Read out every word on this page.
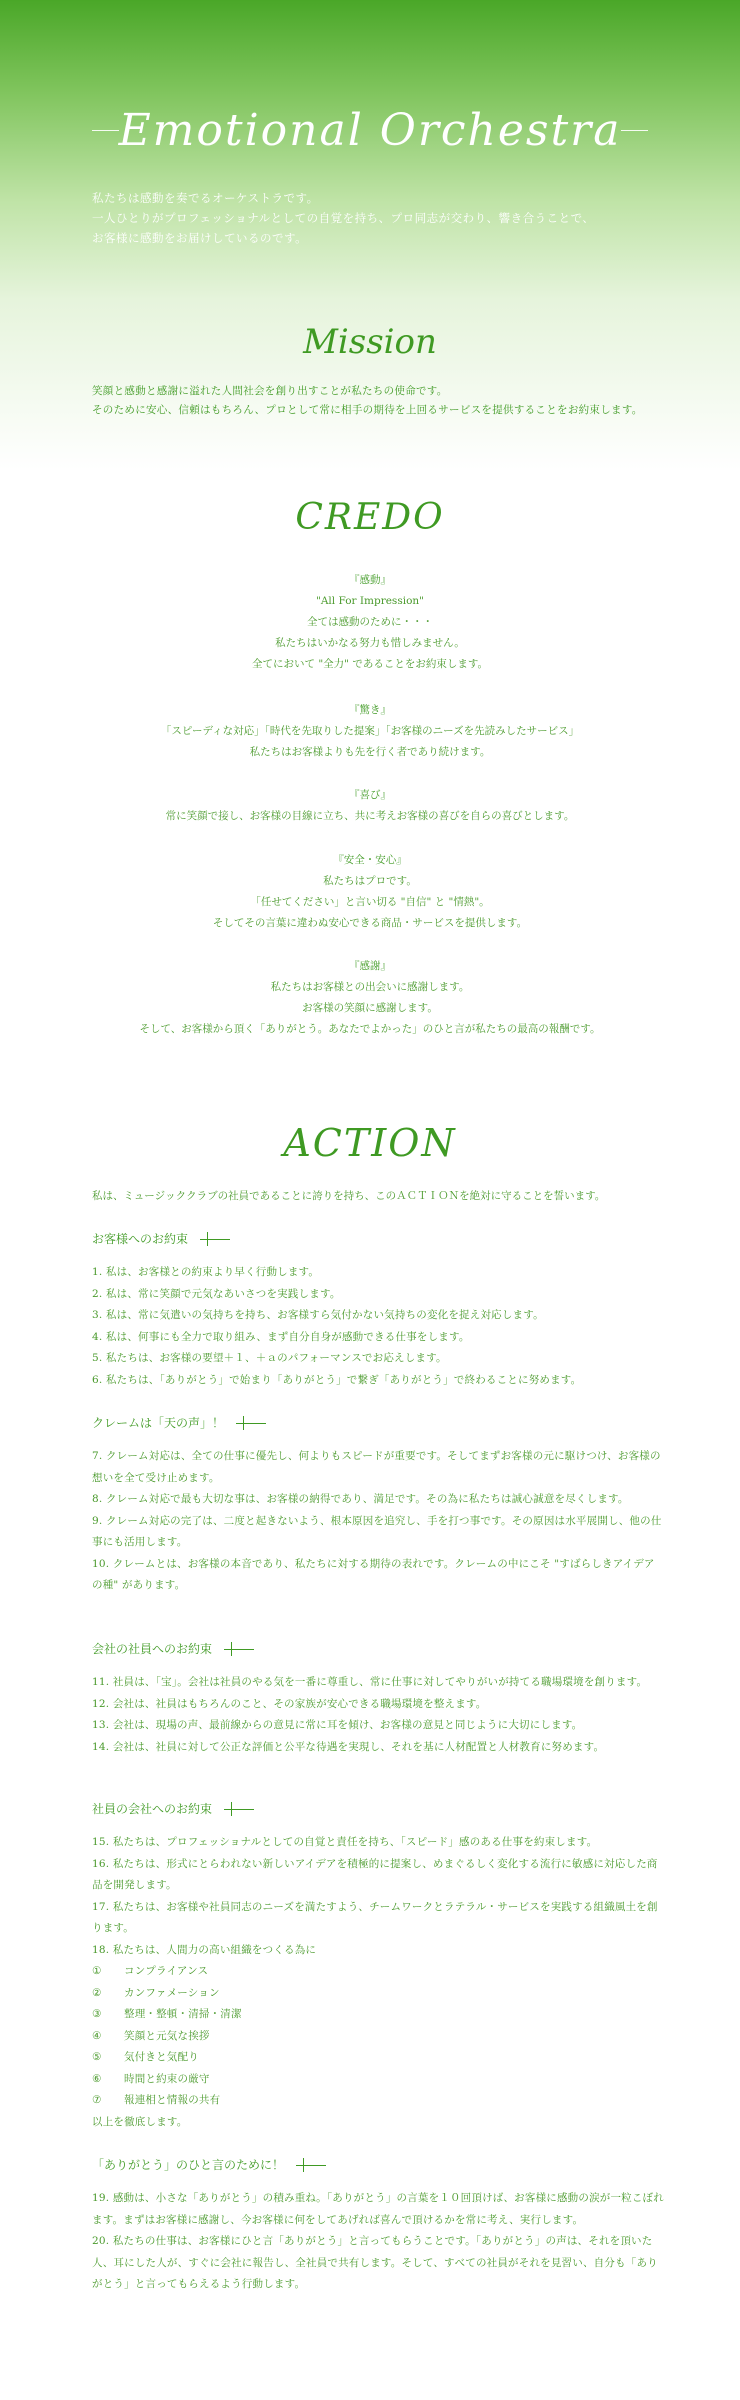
Emotional Orchestra
私たちは感動を奏でるオーケストラです。
一人ひとりがプロフェッショナルとしての自覚を持ち、プロ同志が交わり、響き合うことで、
お客様に感動をお届けしているのです。
Mission
笑顔と感動と感謝に溢れた人間社会を創り出すことが私たちの使命です。
そのために安心、信頼はもちろん、プロとして常に相手の期待を上回るサービスを提供することをお約束します。
CREDO
『感動』
"All For Impression"
全ては感動のために・・・
私たちはいかなる努力も惜しみません。
全てにおいて "全力" であることをお約束します。
『驚き』
「スピーディな対応」「時代を先取りした提案」「お客様のニーズを先読みしたサービス」
私たちはお客様よりも先を行く者であり続けます。
『喜び』
常に笑顔で接し、お客様の目線に立ち、共に考えお客様の喜びを自らの喜びとします。
『安全・安心』
私たちはプロです。
「任せてください」と言い切る "自信" と "情熱"。
そしてその言葉に違わぬ安心できる商品・サービスを提供します。
『感謝』
私たちはお客様との出会いに感謝します。
お客様の笑顔に感謝します。
そして、お客様から頂く「ありがとう。あなたでよかった」のひと言が私たちの最高の報酬です。
ACTION
私は、ミュージッククラブの社員であることに誇りを持ち、このＡＣＴＩＯＮを絶対に守ることを誓います。
お客様へのお約束
1. 私は、お客様との約束より早く行動します。
2. 私は、常に笑顔で元気なあいさつを実践します。
3. 私は、常に気遣いの気持ちを持ち、お客様すら気付かない気持ちの変化を捉え対応します。
4. 私は、何事にも全力で取り組み、まず自分自身が感動できる仕事をします。
5. 私たちは、お客様の要望＋１、＋ａのパフォーマンスでお応えします。
6. 私たちは、「ありがとう」で始まり「ありがとう」で繋ぎ「ありがとう」で終わることに努めます。
クレームは「天の声」！
7. クレーム対応は、全ての仕事に優先し、何よりもスピードが重要です。そしてまずお客様の元に駆けつけ、お客様の想いを全て受け止めます。
8. クレーム対応で最も大切な事は、お客様の納得であり、満足です。その為に私たちは誠心誠意を尽くします。
9. クレーム対応の完了は、二度と起きないよう、根本原因を追究し、手を打つ事です。その原因は水平展開し、他の仕事にも活用します。
10. クレームとは、お客様の本音であり、私たちに対する期待の表れです。クレームの中にこそ "すばらしきアイデアの種" があります。
会社の社員へのお約束
11. 社員は、「宝」。会社は社員のやる気を一番に尊重し、常に仕事に対してやりがいが持てる職場環境を創ります。
12. 会社は、社員はもちろんのこと、その家族が安心できる職場環境を整えます。
13. 会社は、現場の声、最前線からの意見に常に耳を傾け、お客様の意見と同じように大切にします。
14. 会社は、社員に対して公正な評価と公平な待遇を実現し、それを基に人材配置と人材教育に努めます。
社員の会社へのお約束
15. 私たちは、プロフェッショナルとしての自覚と責任を持ち、「スピード」感のある仕事を約束します。
16. 私たちは、形式にとらわれない新しいアイデアを積極的に提案し、めまぐるしく変化する流行に敏感に対応した商品を開発します。
17. 私たちは、お客様や社員同志のニーズを満たすよう、チームワークとラテラル・サービスを実践する組織風土を創ります。
18. 私たちは、人間力の高い組織をつくる為に
①	コンプライアンス
②	カンファメーション
③	整理・整頓・清掃・清潔
④	笑顔と元気な挨拶
⑤	気付きと気配り
⑥	時間と約束の厳守
⑦	報連相と情報の共有
以上を徹底します。
「ありがとう」のひと言のために！
19. 感動は、小さな「ありがとう」の積み重ね。「ありがとう」の言葉を１０回頂けば、お客様に感動の涙が一粒こぼれます。まずはお客様に感謝し、今お客様に何をしてあげれば喜んで頂けるかを常に考え、実行します。
20. 私たちの仕事は、お客様にひと言「ありがとう」と言ってもらうことです。「ありがとう」の声は、それを頂いた人、耳にした人が、すぐに会社に報告し、全社員で共有します。そして、すべての社員がそれを見習い、自分も「ありがとう」と言ってもらえるよう行動します。
